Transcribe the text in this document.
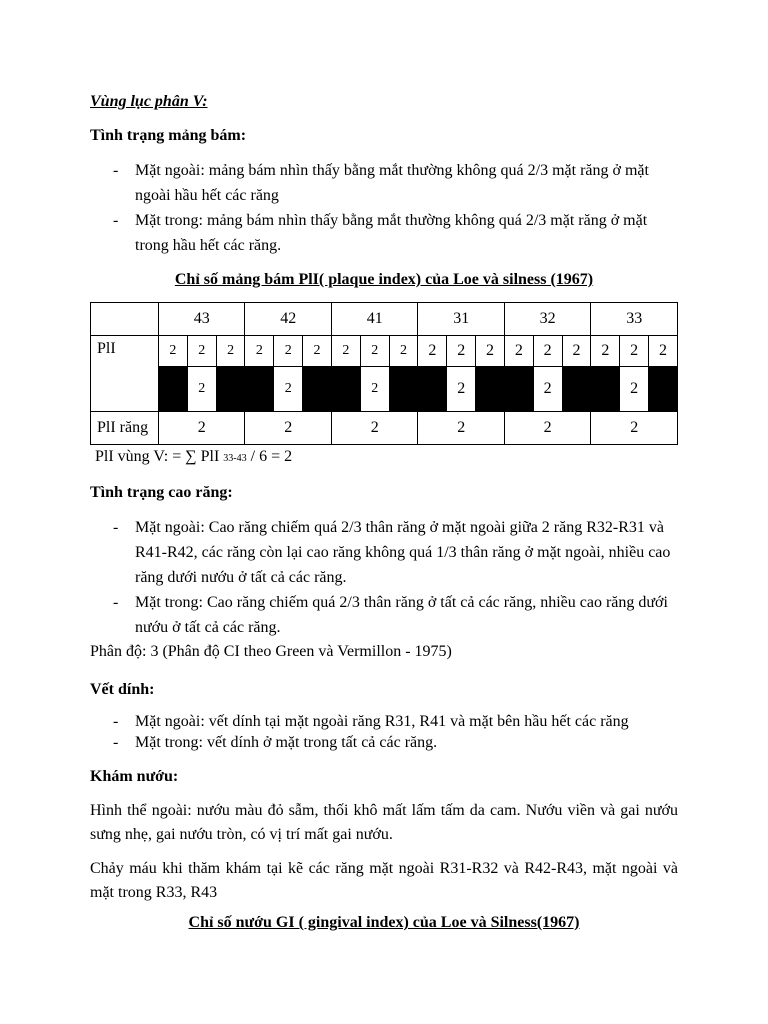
Vùng lục phân V:

Tình trạng mảng bám:

- Mặt ngoài: mảng bám nhìn thấy bằng mắt thường không quá 2/3 mặt răng ở mặt ngoài hầu hết các răng
- Mặt trong: mảng bám nhìn thấy bằng mắt thường không quá 2/3 mặt răng ở mặt trong hầu hết các răng.

Chỉ số mảng bám PlI( plaque index) của Loe và silness (1967)

	43			42			41			31			32			33		
PlI	2	2	2	2	2	2	2	2	2	2	2	2	2	2	2	2	2	2
		2			2			2			2			2			2	
PlI răng	2			2			2			2			2			2		

PlI vùng V: = ∑ PlI 33-43 / 6 = 2

Tình trạng cao răng:

- Mặt ngoài: Cao răng chiếm quá 2/3 thân răng ở mặt ngoài giữa 2 răng R32-R31 và R41-R42, các răng còn lại cao răng không quá 1/3 thân răng ở mặt ngoài, nhiều cao răng dưới nướu ở tất cả các răng.
- Mặt trong: Cao răng chiếm quá 2/3 thân răng ở tất cả các răng, nhiều cao răng dưới nướu ở tất cả các răng.

Phân độ: 3 (Phân độ CI theo Green và Vermillon - 1975)

Vết dính:

- Mặt ngoài: vết dính tại mặt ngoài răng R31, R41 và mặt bên hầu hết các răng
- Mặt trong: vết dính ở mặt trong tất cả các răng.

Khám nướu:

Hình thể ngoài: nướu màu đỏ sẫm, thối khô mất lấm tấm da cam. Nướu viền và gai nướu sưng nhẹ, gai nướu tròn, có vị trí mất gai nướu.

Chảy máu khi thăm khám tại kẽ các răng mặt ngoài R31-R32 và R42-R43, mặt ngoài và mặt trong R33, R43

Chỉ số nướu GI ( gingival index) của Loe và Silness(1967)
